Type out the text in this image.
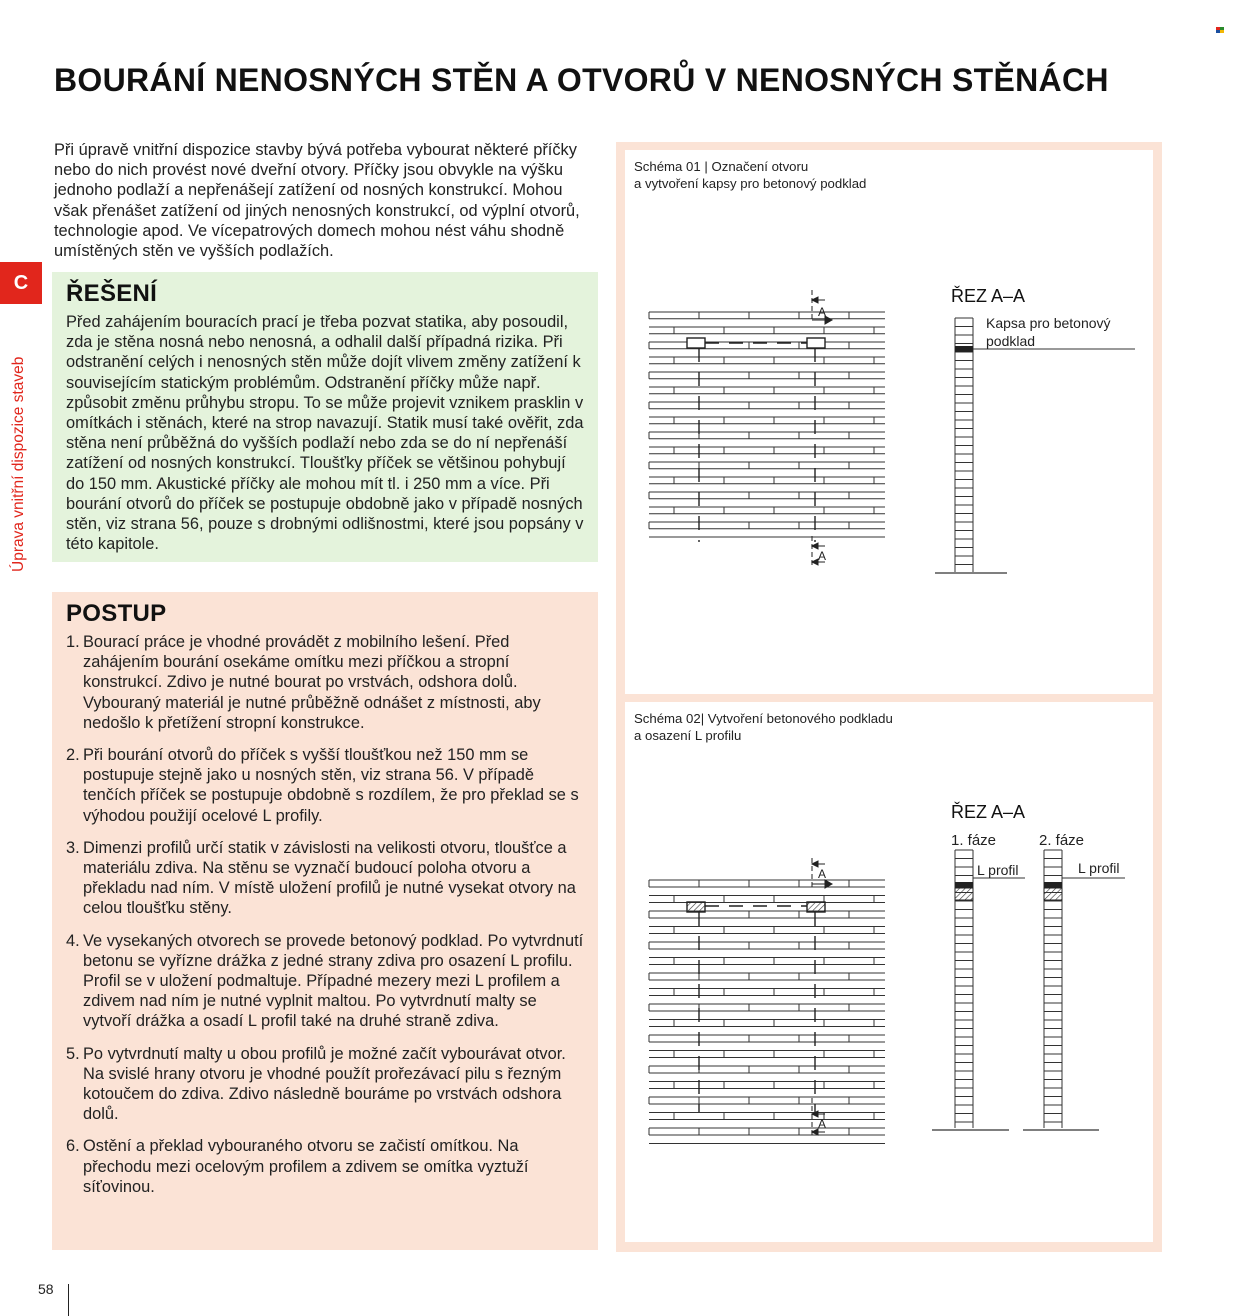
BOURÁNÍ NENOSNÝCH STĚN A OTVORŮ V NENOSNÝCH STĚNÁCH

Při úpravě vnitřní dispozice stavby bývá potřeba vybourat některé příčky nebo do nich provést nové dveřní otvory. Příčky jsou obvykle na výšku jednoho podlaží a nepřenášejí zatížení od nosných konstrukcí. Mohou však přenášet zatížení od jiných nenosných konstrukcí, od výplní otvorů, technologie apod. Ve vícepatrových domech mohou nést váhu shodně umístěných stěn ve vyšších podlažích.

C
Úprava vnitřní dispozice staveb
ŘEŠENÍ

Před zahájením bouracích prací je třeba pozvat statika, aby posoudil, zda je stěna nosná nebo nenosná, a odhalil další případná rizika. Při odstranění celých i nenosných stěn může dojít vlivem změny zatížení k souvisejícím statickým problémům. Odstranění příčky může např. způsobit změnu průhybu stropu. To se může projevit vznikem prasklin v omítkách i stěnách, které na strop navazují. Statik musí také ověřit, zda stěna není průběžná do vyšších podlaží nebo zda se do ní nepřenáší zatížení od nosných konstrukcí. Tloušťky příček se většinou pohybují do 150 mm. Akustické příčky ale mohou mít tl. i 250 mm a více. Při bourání otvorů do příček se postupuje obdobně jako v případě nosných stěn, viz strana 56, pouze s drobnými odlišnostmi, které jsou popsány v této kapitole.

POSTUP
1. Bourací práce je vhodné provádět z mobilního lešení. Před zahájením bourání osekáme omítku mezi příčkou a stropní konstrukcí. Zdivo je nutné bourat po vrstvách, odshora dolů. Vybouraný materiál je nutné průběžně odnášet z místnosti, aby nedošlo k přetížení stropní konstrukce.
2. Při bourání otvorů do příček s vyšší tloušťkou než 150 mm se postupuje stejně jako u nosných stěn, viz strana 56. V případě tenčích příček se postupuje obdobně s rozdílem, že pro překlad se s výhodou použijí ocelové L profily.
3. Dimenzi profilů určí statik v závislosti na velikosti otvoru, tloušťce a materiálu zdiva. Na stěnu se vyznačí budoucí poloha otvoru a překladu nad ním. V místě uložení profilů je nutné vysekat otvory na celou tloušťku stěny.
4. Ve vysekaných otvorech se provede betonový podklad. Po vytvrdnutí betonu se vyřízne drážka z jedné strany zdiva pro osazení L profilu. Profil se v uložení podmaltuje. Případné mezery mezi L profilem a zdivem nad ním je nutné vyplnit maltou. Po vytvrdnutí malty se vytvoří drážka a osadí L profil také na druhé straně zdiva.
5. Po vytvrdnutí malty u obou profilů je možné začít vybourávat otvor. Na svislé hrany otvoru je vhodné použít prořezávací pilu s řezným kotoučem do zdiva. Zdivo následně bouráme po vrstvách odshora dolů.
6. Ostění a překlad vybouraného otvoru se začistí omítkou. Na přechodu mezi ocelovým profilem a zdivem se omítka vyztuží síťovinou.
Schéma 01 | Označení otvoru
a vytvoření kapsy pro betonový podklad
A
A
ŘEZ A–A
Kapsa pro betonový
podklad
Schéma 02| Vytvoření betonového podkladu
a osazení L profilu
A
A
ŘEZ A–A
1. fáze	2. fáze
L profil	L profil
58
